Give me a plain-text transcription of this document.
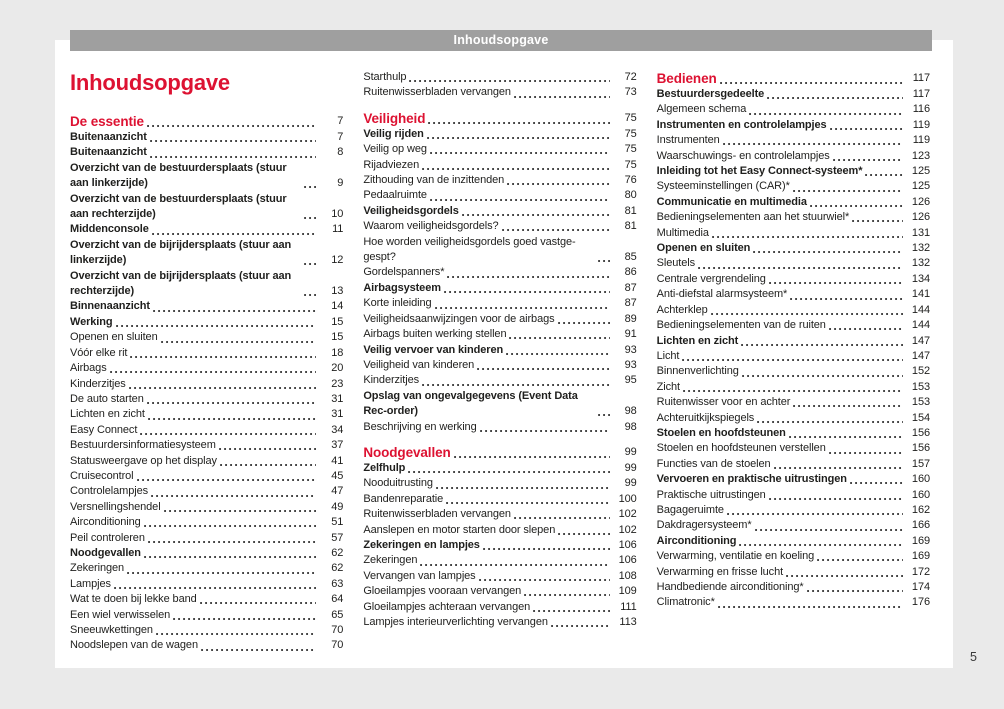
Inhoudsopgave
Inhoudsopgave
De essentie	7
Buitenaanzicht	7
Buitenaanzicht	8
Overzicht van de bestuurdersplaats (stuur aan linkerzijde)	9
Overzicht van de bestuurdersplaats (stuur aan rechterzijde)	10
Middenconsole	11
Overzicht van de bijrijdersplaats (stuur aan linkerzijde)	12
Overzicht van de bijrijdersplaats (stuur aan rechterzijde)	13
Binnenaanzicht	14
Werking	15
Openen en sluiten	15
Vóór elke rit	18
Airbags	20
Kinderzitjes	23
De auto starten	31
Lichten en zicht	31
Easy Connect	34
Bestuurdersinformatiesysteem	37
Statusweergave op het display	41
Cruisecontrol	45
Controlelampjes	47
Versnellingshendel	49
Airconditioning	51
Peil controleren	57
Noodgevallen	62
Zekeringen	62
Lampjes	63
Wat te doen bij lekke band	64
Een wiel verwisselen	65
Sneeuwkettingen	70
Noodslepen van de wagen	70
Starthulp	72
Ruitenwisserbladen vervangen	73
Veiligheid	75
Veilig rijden	75
Veilig op weg	75
Rijadviezen	75
Zithouding van de inzittenden	76
Pedaalruimte	80
Veiligheidsgordels	81
Waarom veiligheidsgordels?	81
Hoe worden veiligheidsgordels goed vastge-gespt?	85
Gordelspanners*	86
Airbagsysteem	87
Korte inleiding	87
Veiligheidsaanwijzingen voor de airbags	89
Airbags buiten werking stellen	91
Veilig vervoer van kinderen	93
Veiligheid van kinderen	93
Kinderzitjes	95
Opslag van ongevalgegevens (Event Data Rec-order)	98
Beschrijving en werking	98
Noodgevallen	99
Zelfhulp	99
Nooduitrusting	99
Bandenreparatie	100
Ruitenwisserbladen vervangen	102
Aanslepen en motor starten door slepen	102
Zekeringen en lampjes	106
Zekeringen	106
Vervangen van lampjes	108
Gloeilampjes vooraan vervangen	109
Gloeilampjes achteraan vervangen	111
Lampjes interieurverlichting vervangen	113
Bedienen	117
Bestuurdersgedeelte	117
Algemeen schema	116
Instrumenten en controlelampjes	119
Instrumenten	119
Waarschuwings- en controlelampjes	123
Inleiding tot het Easy Connect-systeem*	125
Systeeminstellingen (CAR)*	125
Communicatie en multimedia	126
Bedieningselementen aan het stuurwiel*	126
Multimedia	131
Openen en sluiten	132
Sleutels	132
Centrale vergrendeling	134
Anti-diefstal alarmsysteem*	141
Achterklep	144
Bedieningselementen van de ruiten	144
Lichten en zicht	147
Licht	147
Binnenverlichting	152
Zicht	153
Ruitenwisser voor en achter	153
Achteruitkijkspiegels	154
Stoelen en hoofdsteunen	156
Stoelen en hoofdsteunen verstellen	156
Functies van de stoelen	157
Vervoeren en praktische uitrustingen	160
Praktische uitrustingen	160
Bagageruimte	162
Dakdragersysteem*	166
Airconditioning	169
Verwarming, ventilatie en koeling	169
Verwarming en frisse lucht	172
Handbediende airconditioning*	174
Climatronic*	176
5
